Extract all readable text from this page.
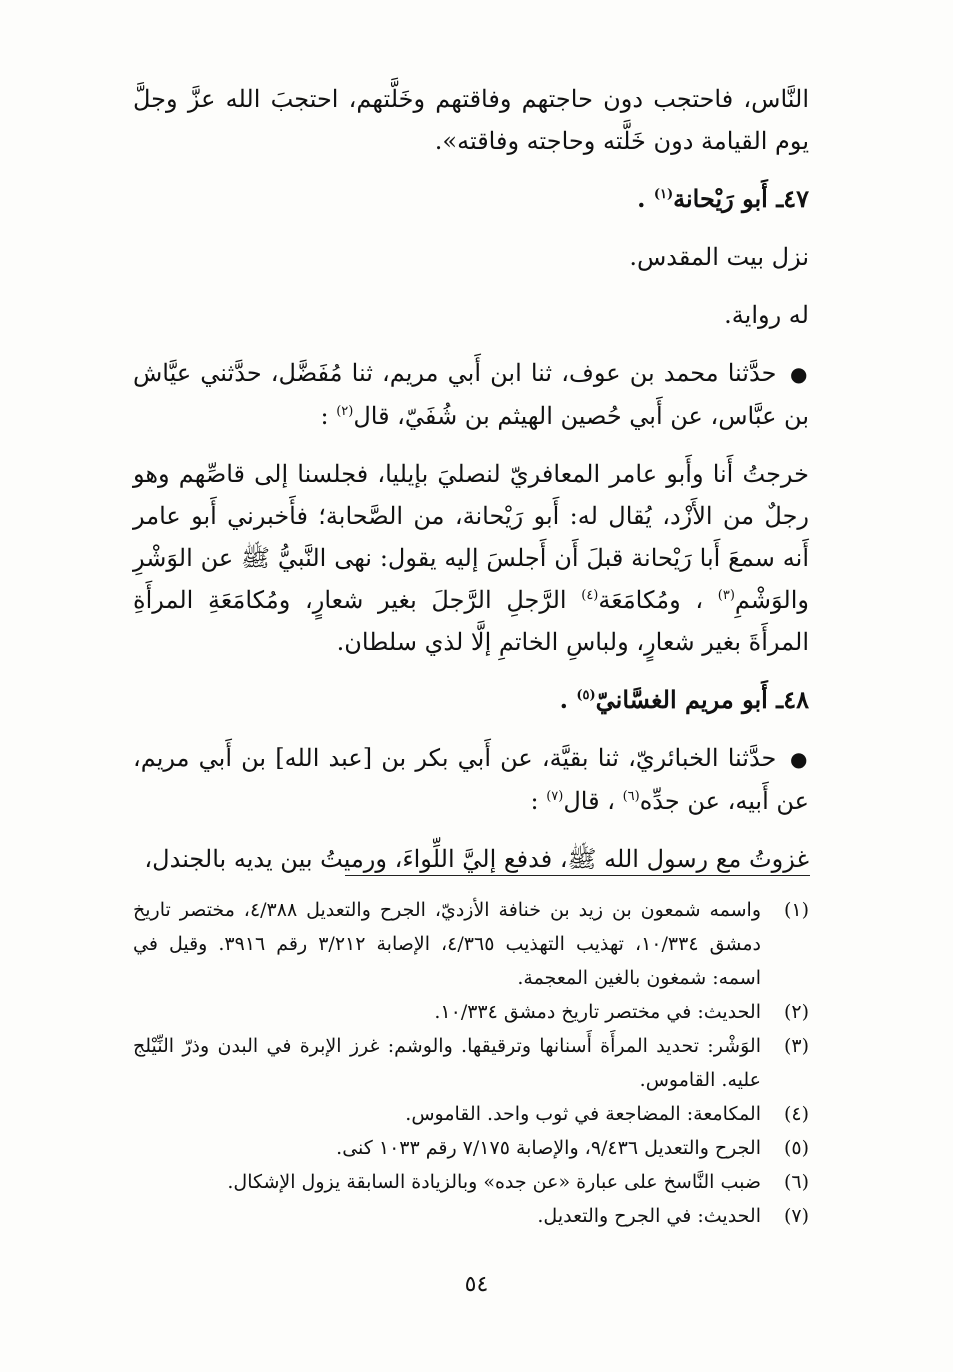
النَّاس، فاحتجب دون حاجتهم وفاقتهم وخَلَّتهم، احتجبَ الله عزَّ وجلَّ يوم القيامة دون خَلَّته وحاجته وفاقته».

٤٧ـ أَبو رَيْحانة$^{(١)}$ .

نزل بيت المقدس.

له رواية.

● حدَّثنا محمد بن عوف، ثنا ابن أَبي مريم، ثنا مُفَضَّل، حدَّثني عيَّاش بن عبَّاس، عن أَبي حُصين الهيثم بن شُفَيّ، قال$^{(٢)}$ :

خرجتُ أَنا وأَبو عامر المعافريّ لنصليَ بإيليا، فجلسنا إلى قاصِّهم وهو رجلٌ من الأَزْد، يُقال له: أَبو رَيْحانة، من الصَّحابة؛ فأَخبرني أَبو عامر أَنه سمعَ أَبا رَيْحانة قبلَ أَن أَجلسَ إليه يقول: نهى النَّبيُّ ﷺ عن الوَشْرِ والوَشْمِ$^{(٣)}$ ، ومُكامَعَة$^{(٤)}$ الرَّجلِ الرَّجلَ بغير شعارٍ، ومُكامَعَةِ المرأَةِ المرأَةَ بغير شعارٍ، ولباسِ الخاتمِ إلَّا لذي سلطان.

٤٨ـ أَبو مريم الغسَّانيّ$^{(٥)}$ .

● حدَّثنا الخبائريّ، ثنا بقيَّة، عن أَبي بكر بن [عبد الله] بن أَبي مريم، عن أَبيه، عن جدِّه$^{(٦)}$ ، قال$^{(٧)}$ :

غزوتُ مع رسول الله ﷺ، فدفع إليَّ اللِّواءَ، ورميتُ بين يديه بالجندل،

(١)
واسمه شمعون بن زيد بن خنافة الأزديّ، الجرح والتعديل ٤/٣٨٨، مختصر تاريخ دمشق ١٠/٣٣٤، تهذيب التهذيب ٤/٣٦٥، الإصابة ٣/٢١٢ رقم ٣٩١٦. وقيل في اسمه: شمغون بالغين المعجمة.
(٢)
الحديث: في مختصر تاريخ دمشق ١٠/٣٣٤.
(٣)
الوَشْر: تحديد المرأَة أَسنانها وترقيقها. والوشم: غرز الإبرة في البدن وذرّ النِّيْلج عليه. القاموس.
(٤)
المكامعة: المضاجعة في ثوب واحد. القاموس.
(٥)
الجرح والتعديل ٩/٤٣٦، والإصابة ٧/١٧٥ رقم ١٠٣٣ كنى.
(٦)
ضبب النَّاسخ على عبارة «عن جده» وبالزيادة السابقة يزول الإشكال.
(٧)
الحديث: في الجرح والتعديل.
٥٤
